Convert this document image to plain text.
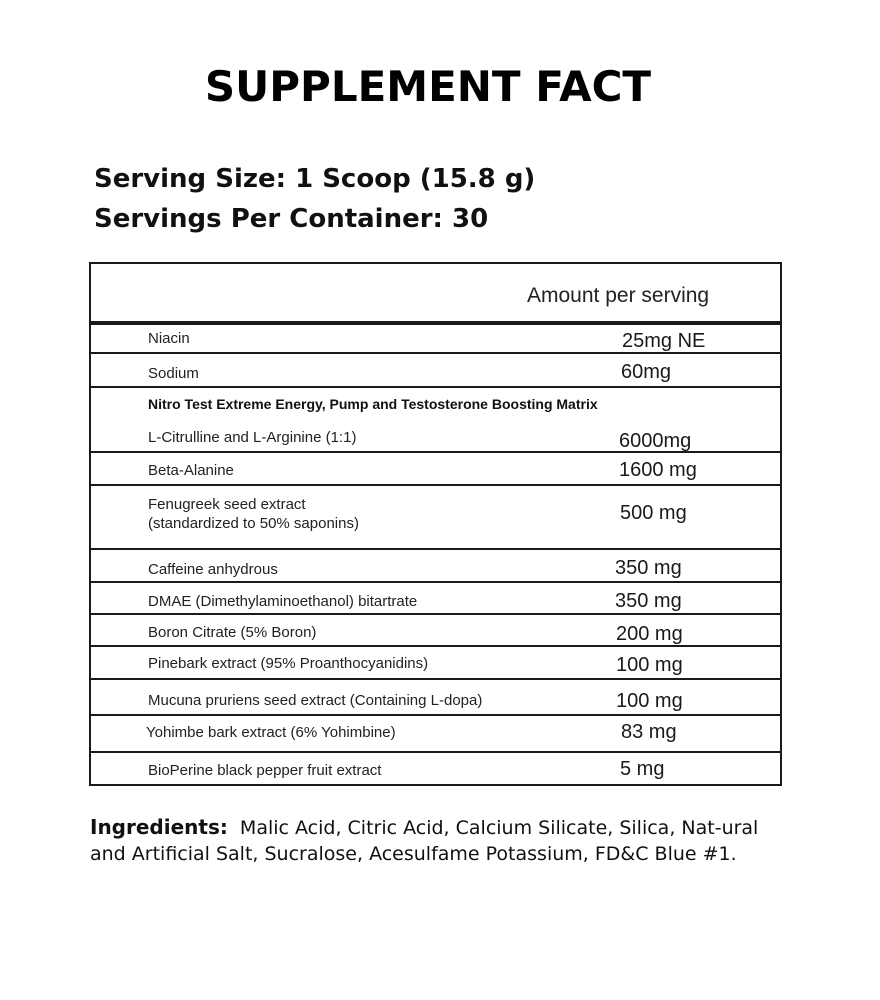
SUPPLEMENT FACT
Serving Size: 1 Scoop (15.8 g)
Servings Per Container: 30
Amount per serving
Niacin	25mg NE
Sodium	60mg
Nitro Test Extreme Energy, Pump and Testosterone Boosting Matrix
L-Citrulline and L-Arginine (1:1)	6000mg
Beta-Alanine	1600 mg
Fenugreek seed extract
(standardized to 50% saponins)	500 mg
Caffeine anhydrous	350 mg
DMAE (Dimethylaminoethanol) bitartrate	350 mg
Boron Citrate (5% Boron)	200 mg
Pinebark extract (95% Proanthocyanidins)	100 mg
Mucuna pruriens seed extract (Containing L-dopa)	100 mg
Yohimbe bark extract (6% Yohimbine)	83 mg
BioPerine black pepper fruit extract	5 mg
Ingredients: Malic Acid, Citric Acid, Calcium Silicate, Silica, Nat-ural and Artificial Salt, Sucralose, Acesulfame Potassium, FD&C Blue #1.
